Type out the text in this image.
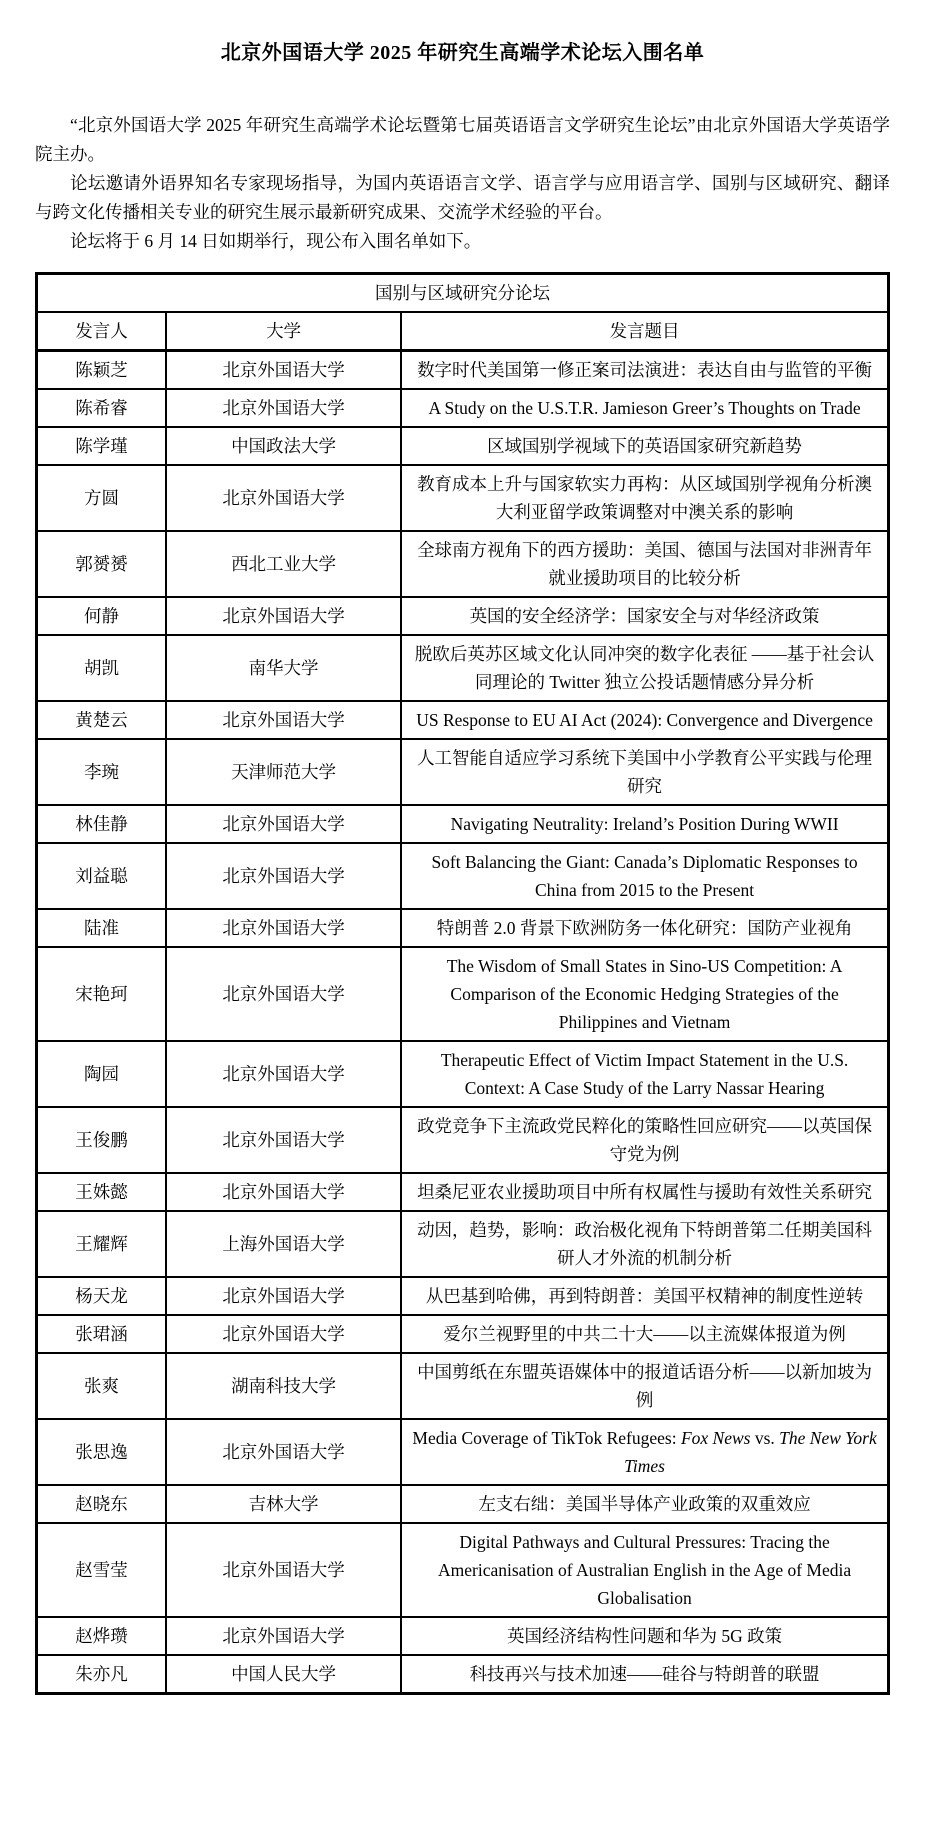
北京外国语大学 2025 年研究生高端学术论坛入围名单

“北京外国语大学 2025 年研究生高端学术论坛暨第七届英语语言文学研究生论坛”由北京外国语大学英语学院主办。

论坛邀请外语界知名专家现场指导，为国内英语语言文学、语言学与应用语言学、国别与区域研究、翻译与跨文化传播相关专业的研究生展示最新研究成果、交流学术经验的平台。

论坛将于 6 月 14 日如期举行，现公布入围名单如下。

国别与区域研究分论坛		
发言人	大学	发言题目
陈颖芝	北京外国语大学	数字时代美国第一修正案司法演进：表达自由与监管的平衡
陈希睿	北京外国语大学	A Study on the U.S.T.R. Jamieson Greer’s Thoughts on Trade
陈学瑾	中国政法大学	区域国别学视域下的英语国家研究新趋势
方圆	北京外国语大学	教育成本上升与国家软实力再构：从区域国别学视角分析澳大利亚留学政策调整对中澳关系的影响
郭赟赟	西北工业大学	全球南方视角下的西方援助：美国、德国与法国对非洲青年就业援助项目的比较分析
何静	北京外国语大学	英国的安全经济学：国家安全与对华经济政策
胡凯	南华大学	脱欧后英苏区域文化认同冲突的数字化表征 ——基于社会认同理论的 Twitter 独立公投话题情感分异分析
黄楚云	北京外国语大学	US Response to EU AI Act (2024): Convergence and Divergence
李琬	天津师范大学	人工智能自适应学习系统下美国中小学教育公平实践与伦理研究
林佳静	北京外国语大学	Navigating Neutrality: Ireland’s Position During WWII
刘益聪	北京外国语大学	Soft Balancing the Giant: Canada’s Diplomatic Responses to China from 2015 to the Present
陆准	北京外国语大学	特朗普 2.0 背景下欧洲防务一体化研究：国防产业视角
宋艳珂	北京外国语大学	The Wisdom of Small States in Sino-US Competition: A Comparison of the Economic Hedging Strategies of the Philippines and Vietnam
陶园	北京外国语大学	Therapeutic Effect of Victim Impact Statement in the U.S. Context: A Case Study of the Larry Nassar Hearing
王俊鹏	北京外国语大学	政党竞争下主流政党民粹化的策略性回应研究——以英国保守党为例
王姝懿	北京外国语大学	坦桑尼亚农业援助项目中所有权属性与援助有效性关系研究
王耀辉	上海外国语大学	动因，趋势，影响：政治极化视角下特朗普第二任期美国科研人才外流的机制分析
杨天龙	北京外国语大学	从巴基到哈佛，再到特朗普：美国平权精神的制度性逆转
张珺涵	北京外国语大学	爱尔兰视野里的中共二十大——以主流媒体报道为例
张爽	湖南科技大学	中国剪纸在东盟英语媒体中的报道话语分析——以新加坡为例
张思逸	北京外国语大学	Media Coverage of TikTok Refugees: Fox News vs. The New York Times
赵晓东	吉林大学	左支右绌：美国半导体产业政策的双重效应
赵雪莹	北京外国语大学	Digital Pathways and Cultural Pressures: Tracing the Americanisation of Australian English in the Age of Media Globalisation
赵烨瓒	北京外国语大学	英国经济结构性问题和华为 5G 政策
朱亦凡	中国人民大学	科技再兴与技术加速——硅谷与特朗普的联盟
